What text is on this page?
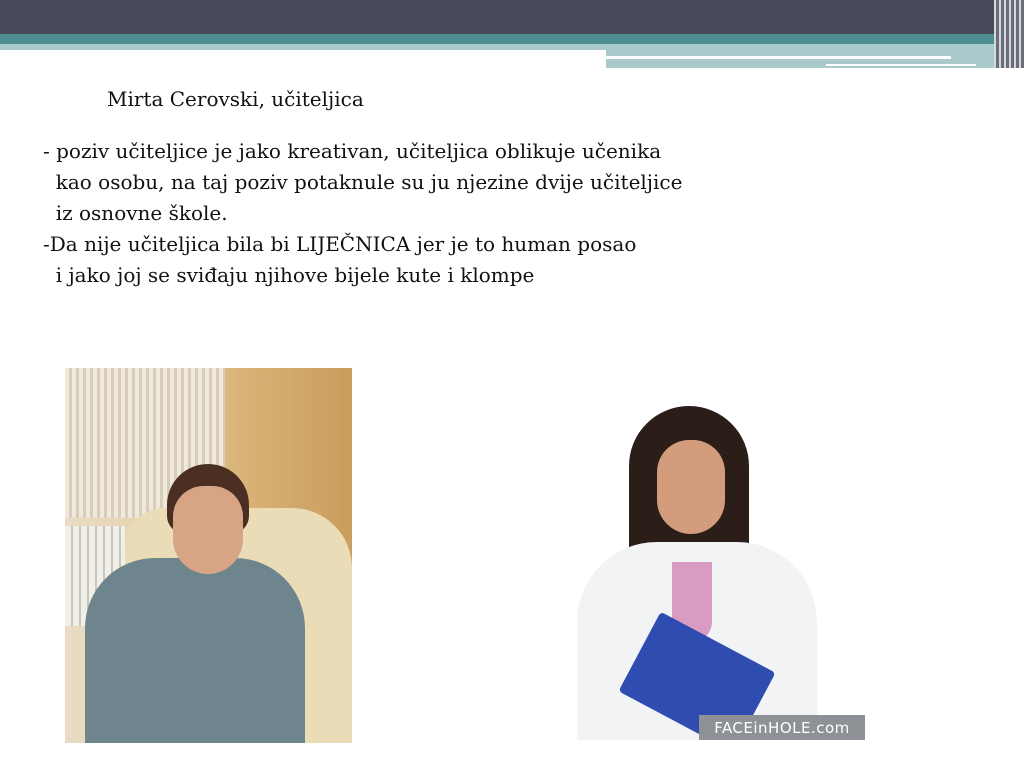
Mirta Cerovski, učiteljica
- poziv učiteljice je jako kreativan, učiteljica oblikuje učenika
kao osobu, na taj poziv potaknule su ju njezine dvije učiteljice
iz osnovne škole.
-Da nije učiteljica bila bi LIJEČNICA jer je to human posao
i jako joj se sviđaju njihove bijele kute i klompe
FACEinHOLE.com
